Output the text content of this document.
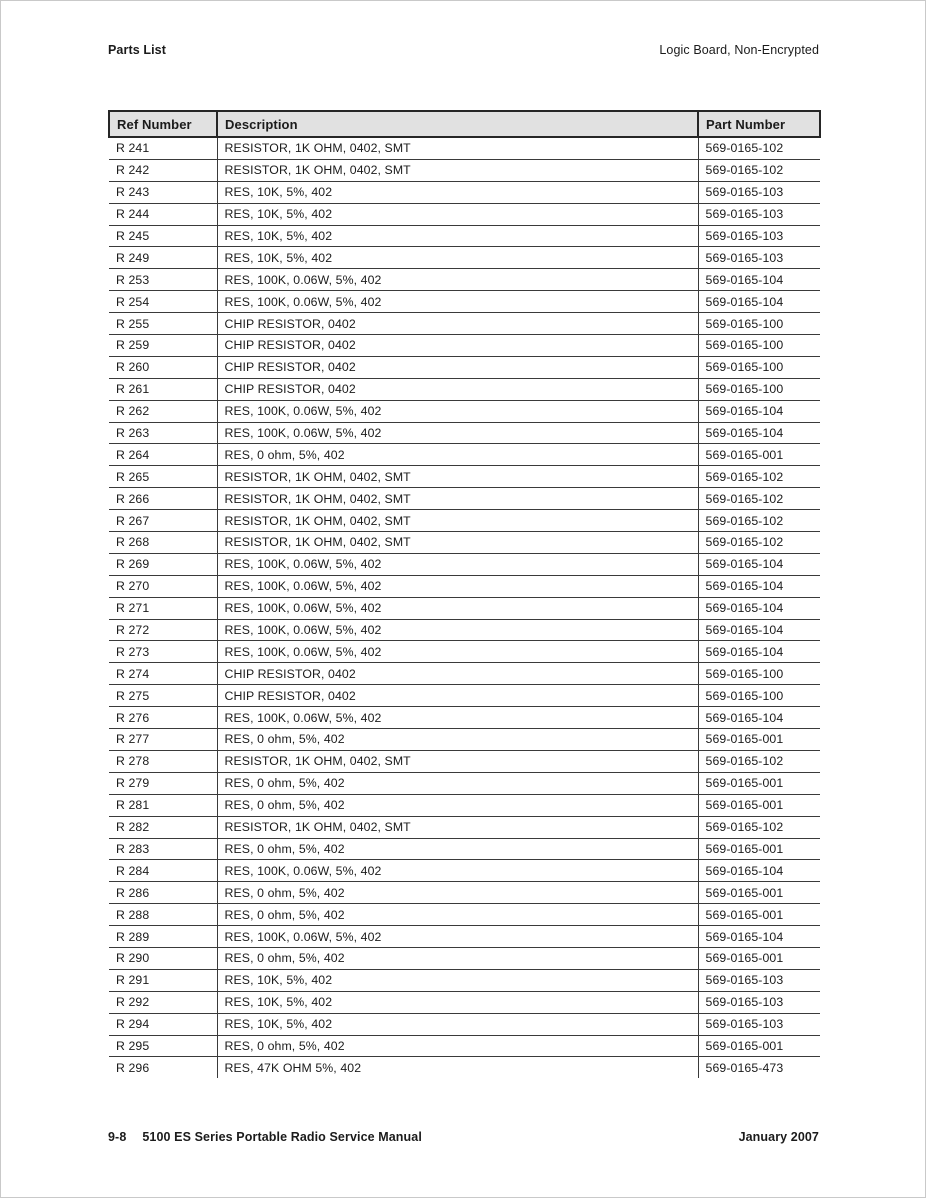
Parts List	Logic Board, Non-Encrypted
Ref Number	Description	Part Number
R 241	RESISTOR, 1K OHM, 0402, SMT	569-0165-102
R 242	RESISTOR, 1K OHM, 0402, SMT	569-0165-102
R 243	RES, 10K, 5%, 402	569-0165-103
R 244	RES, 10K, 5%, 402	569-0165-103
R 245	RES, 10K, 5%, 402	569-0165-103
R 249	RES, 10K, 5%, 402	569-0165-103
R 253	RES, 100K, 0.06W, 5%, 402	569-0165-104
R 254	RES, 100K, 0.06W, 5%, 402	569-0165-104
R 255	CHIP RESISTOR, 0402	569-0165-100
R 259	CHIP RESISTOR, 0402	569-0165-100
R 260	CHIP RESISTOR, 0402	569-0165-100
R 261	CHIP RESISTOR, 0402	569-0165-100
R 262	RES, 100K, 0.06W, 5%, 402	569-0165-104
R 263	RES, 100K, 0.06W, 5%, 402	569-0165-104
R 264	RES, 0 ohm, 5%, 402	569-0165-001
R 265	RESISTOR, 1K OHM, 0402, SMT	569-0165-102
R 266	RESISTOR, 1K OHM, 0402, SMT	569-0165-102
R 267	RESISTOR, 1K OHM, 0402, SMT	569-0165-102
R 268	RESISTOR, 1K OHM, 0402, SMT	569-0165-102
R 269	RES, 100K, 0.06W, 5%, 402	569-0165-104
R 270	RES, 100K, 0.06W, 5%, 402	569-0165-104
R 271	RES, 100K, 0.06W, 5%, 402	569-0165-104
R 272	RES, 100K, 0.06W, 5%, 402	569-0165-104
R 273	RES, 100K, 0.06W, 5%, 402	569-0165-104
R 274	CHIP RESISTOR, 0402	569-0165-100
R 275	CHIP RESISTOR, 0402	569-0165-100
R 276	RES, 100K, 0.06W, 5%, 402	569-0165-104
R 277	RES, 0 ohm, 5%, 402	569-0165-001
R 278	RESISTOR, 1K OHM, 0402, SMT	569-0165-102
R 279	RES, 0 ohm, 5%, 402	569-0165-001
R 281	RES, 0 ohm, 5%, 402	569-0165-001
R 282	RESISTOR, 1K OHM, 0402, SMT	569-0165-102
R 283	RES, 0 ohm, 5%, 402	569-0165-001
R 284	RES, 100K, 0.06W, 5%, 402	569-0165-104
R 286	RES, 0 ohm, 5%, 402	569-0165-001
R 288	RES, 0 ohm, 5%, 402	569-0165-001
R 289	RES, 100K, 0.06W, 5%, 402	569-0165-104
R 290	RES, 0 ohm, 5%, 402	569-0165-001
R 291	RES, 10K, 5%, 402	569-0165-103
R 292	RES, 10K, 5%, 402	569-0165-103
R 294	RES, 10K, 5%, 402	569-0165-103
R 295	RES, 0 ohm, 5%, 402	569-0165-001
R 296	RES, 47K OHM 5%, 402	569-0165-473
9-8 5100 ES Series Portable Radio Service Manual	January 2007
